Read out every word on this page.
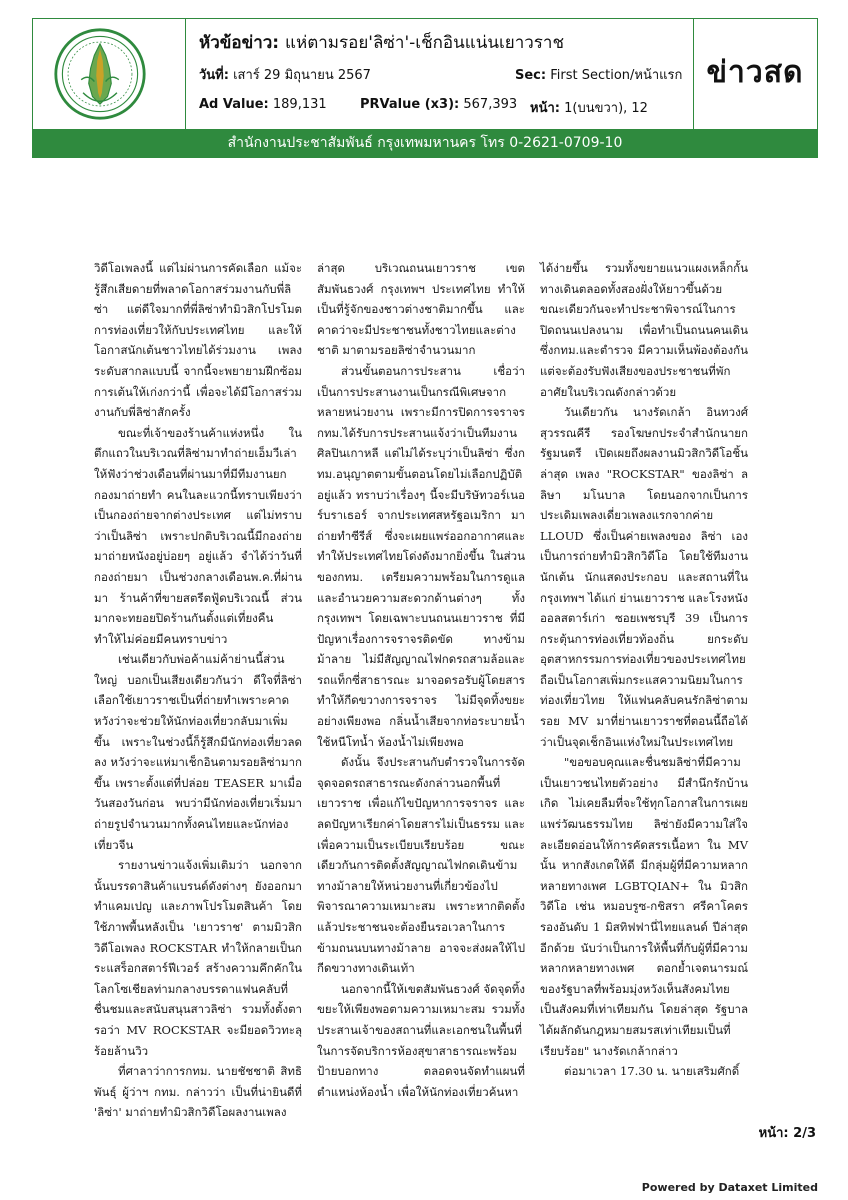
หัวข้อข่าว: แห่ตามรอย'ลิซ่า'-เช็กอินแน่นเยาวราช
วันที่: เสาร์ 29 มิถุนายน 2567	Sec: First Section/หน้าแรก
Ad Value: 189,131	PRValue (x3): 567,393 หน้า: 1(บนขวา), 12
ข่าวสด
สำนักงานประชาสัมพันธ์ กรุงเทพมหานคร โทร 0-2621-0709-10

วิดีโอเพลงนี้ แต่ไม่ผ่านการคัดเลือก แม้จะรู้สึกเสียดายที่พลาดโอกาสร่วมงานกับพี่ลิซ่า แต่ดีใจมากที่พี่ลิซ่าทำมิวสิกโปรโมตการท่องเที่ยวให้กับประเทศไทย และให้โอกาสนักเต้นชาวไทยได้ร่วมงาน เพลงระดับสากลแบบนี้ จากนี้จะพยายามฝึกซ้อมการเต้นให้เก่งกว่านี้ เพื่อจะได้มีโอกาสร่วมงานกับพี่ลิซ่าสักครั้ง

ขณะที่เจ้าของร้านค้าแห่งหนึ่ง ในตึกแถวในบริเวณที่ลิซ่ามาทำถ่ายเอ็มวีเล่าให้ฟังว่าช่วงเดือนที่ผ่านมาที่มีทีมงานยกกองมาถ่ายทำ คนในละแวกนี้ทราบเพียงว่าเป็นกองถ่ายจากต่างประเทศ แต่ไม่ทราบว่าเป็นลิซ่า เพราะปกติบริเวณนี้มีกองถ่ายมาถ่ายหนังอยู่บ่อยๆ อยู่แล้ว จำได้ว่าวันที่กองถ่ายมา เป็นช่วงกลางเดือนพ.ค.ที่ผ่านมา ร้านค้าที่ขายสตรีตฟู้ดบริเวณนี้ ส่วนมากจะทยอยปิดร้านกันตั้งแต่เที่ยงคืน ทำให้ไม่ค่อยมีคนทราบข่าว

เช่นเดียวกับพ่อค้าแม่ค้าย่านนี้ส่วนใหญ่ บอกเป็นเสียงเดียวกันว่า ดีใจที่ลิซ่าเลือกใช้เยาวราชเป็นที่ถ่ายทำเพราะคาดหวังว่าจะช่วยให้นักท่องเที่ยวกลับมาเพิ่มขึ้น เพราะในช่วงนี้ก็รู้สึกมีนักท่องเที่ยวลดลง หวังว่าจะแห่มาเช็กอินตามรอยลิซ่ามากขึ้น เพราะตั้งแต่ที่ปล่อย TEASER มาเมื่อวันสองวันก่อน พบว่ามีนักท่องเที่ยวเริ่มมาถ่ายรูปจำนวนมากทั้งคนไทยและนักท่องเที่ยวจีน

รายงานข่าวแจ้งเพิ่มเติมว่า นอกจากนั้นบรรดาสินค้าแบรนด์ดังต่างๆ ยังออกมาทำแคมเปญ และภาพโปรโมตสินค้า โดยใช้ภาพพื้นหลังเป็น 'เยาวราช' ตามมิวสิกวิดีโอเพลง ROCKSTAR ทำให้กลายเป็นกระแสร็อกสตาร์ฟีเวอร์ สร้างความคึกคักในโลกโซเชียลท่ามกลางบรรดาแฟนคลับที่ชื่นชมและสนับสนุนสาวลิซ่า รวมทั้งตั้งตารอว่า MV ROCKSTAR จะมียอดวิวทะลุร้อยล้านวิว

ที่ศาลาว่าการกทม. นายชัชชาติ สิทธิพันธุ์ ผู้ว่าฯ กทม. กล่าวว่า เป็นที่น่ายินดีที่ 'ลิซ่า' มาถ่ายทำมิวสิกวิดีโอผลงานเพลง

ล่าสุด บริเวณถนนเยาวราช เขตสัมพันธวงศ์ กรุงเทพฯ ประเทศไทย ทำให้เป็นที่รู้จักของชาวต่างชาติมากขึ้น และคาดว่าจะมีประชาชนทั้งชาวไทยและต่างชาติ มาตามรอยลิซ่าจำนวนมาก

ส่วนขั้นตอนการประสาน เชื่อว่าเป็นการประสานงานเป็นกรณีพิเศษจากหลายหน่วยงาน เพราะมีการปิดการจราจร กทม.ได้รับการประสานแจ้งว่าเป็นทีมงานศิลปินเกาหลี แต่ไม่ได้ระบุว่าเป็นลิซ่า ซึ่งกทม.อนุญาตตามขั้นตอนโดยไม่เลือกปฏิบัติอยู่แล้ว ทราบว่าเรื่องๆ นี้จะมีบริษัทวอร์เนอร์บราเธอร์ จากประเทศสหรัฐอเมริกา มาถ่ายทำซีรีส์ ซึ่งจะเผยแพร่ออกอากาศและทำให้ประเทศไทยโด่งดังมากยิ่งขึ้น ในส่วนของกทม. เตรียมความพร้อมในการดูแลและอำนวยความสะดวกด้านต่างๆ ทั้งกรุงเทพฯ โดยเฉพาะบนถนนเยาวราช ที่มีปัญหาเรื่องการจราจรติดขัด ทางข้ามม้าลาย ไม่มีสัญญาณไฟกดรถสามล้อและรถแท็กซี่สาธารณะ มาจอดรอรับผู้โดยสารทำให้กีดขวางการจราจร ไม่มีจุดทิ้งขยะอย่างเพียงพอ กลิ่นน้ำเสียจากท่อระบายน้ำใช้หนีโทน้ำ ห้องน้ำไม่เพียงพอ

ดังนั้น จึงประสานกับตำรวจในการจัดจุดจอดรถสาธารณะดังกล่าวนอกพื้นที่เยาวราช เพื่อแก้ไขปัญหาการจราจร และลดปัญหาเรียกค่าโดยสารไม่เป็นธรรม และเพื่อความเป็นระเบียบเรียบร้อย ขณะเดียวกันการติดตั้งสัญญาณไฟกดเดินข้ามทางม้าลายให้หน่วยงานที่เกี่ยวข้องไปพิจารณาความเหมาะสม เพราะหากติดตั้งแล้วประชาชนจะต้องยืนรอเวลาในการข้ามถนนบนทางม้าลาย อาจจะส่งผลให้ไปกีดขวางทางเดินเท้า

นอกจากนี้ให้เขตสัมพันธวงศ์ จัดจุดทิ้งขยะให้เพียงพอตามความเหมาะสม รวมทั้งประสานเจ้าของสถานที่และเอกชนในพื้นที่ ในการจัดบริการห้องสุขาสาธารณะพร้อมป้ายบอกทาง ตลอดจนจัดทำแผนที่ตำแหน่งห้องน้ำ เพื่อให้นักท่องเที่ยวค้นหา

ได้ง่ายขึ้น รวมทั้งขยายแนวแผงเหล็กกั้นทางเดินตลอดทั้งสองฝั่งให้ยาวขึ้นด้วย ขณะเดียวกันจะทำประชาพิจารณ์ในการปิดถนนเปลงนาม เพื่อทำเป็นถนนคนเดินซึ่งกทม.และตำรวจ มีความเห็นพ้องต้องกัน แต่จะต้องรับฟังเสียงของประชาชนที่พักอาศัยในบริเวณดังกล่าวด้วย

วันเดียวกัน นางรัดเกล้า อินทวงศ์ สุวรรณคีรี รองโฆษกประจำสำนักนายกรัฐมนตรี เปิดเผยถึงผลงานมิวสิกวิดีโอชิ้นล่าสุด เพลง "ROCKSTAR" ของลิซ่า ลลิษา มโนบาล โดยนอกจากเป็นการประเดิมเพลงเดี่ยวเพลงแรกจากค่าย LLOUD ซึ่งเป็นค่ายเพลงของ ลิซ่า เอง เป็นการถ่ายทำมิวสิกวิดีโอ โดยใช้ทีมงาน นักเต้น นักแสดงประกอบ และสถานที่ในกรุงเทพฯ ได้แก่ ย่านเยาวราช และโรงหนังออลสตาร์เก่า ซอยเพชรบุรี 39 เป็นการกระตุ้นการท่องเที่ยวท้องถิ่น ยกระดับอุตสาหกรรมการท่องเที่ยวของประเทศไทย ถือเป็นโอกาสเพิ่มกระแสความนิยมในการท่องเที่ยวไทย ให้แฟนคลับคนรักลิซ่าตามรอย MV มาที่ย่านเยาวราชที่ตอนนี้ถือได้ว่าเป็นจุดเช็กอินแห่งใหม่ในประเทศไทย

"ขอขอบคุณและชื่นชมลิซ่าที่มีความเป็นเยาวชนไทยตัวอย่าง มีสำนึกรักบ้านเกิด ไม่เคยลืมที่จะใช้ทุกโอกาสในการเผยแพร่วัฒนธรรมไทย ลิซ่ายังมีความใส่ใจละเอียดอ่อนให้การคัดสรรเนื้อหา ใน MV นั้น หากสังเกตให้ดี มีกลุ่มผู้ที่มีความหลากหลายทางเพศ LGBTQIAN+ ใน มิวสิกวิดีโอ เช่น หมอบรูซ-กชิสรา ศรีคาโคตร รองอันดับ 1 มิสทิฟฟานี่ไทยแลนด์ ปีล่าสุด อีกด้วย นับว่าเป็นการให้พื้นที่กับผู้ที่มีความหลากหลายทางเพศ ตอกย้ำเจตนารมณ์ของรัฐบาลที่พร้อมมุ่งหวังเห็นสังคมไทยเป็นสังคมที่เท่าเทียมกัน โดยล่าสุด รัฐบาลได้ผลักดันกฎหมายสมรสเท่าเทียมเป็นที่เรียบร้อย" นางรัดเกล้ากล่าว

ต่อมาเวลา 17.30 น. นายเสริมศักดิ์

หน้า: 2/3
Powered by Dataxet Limited
